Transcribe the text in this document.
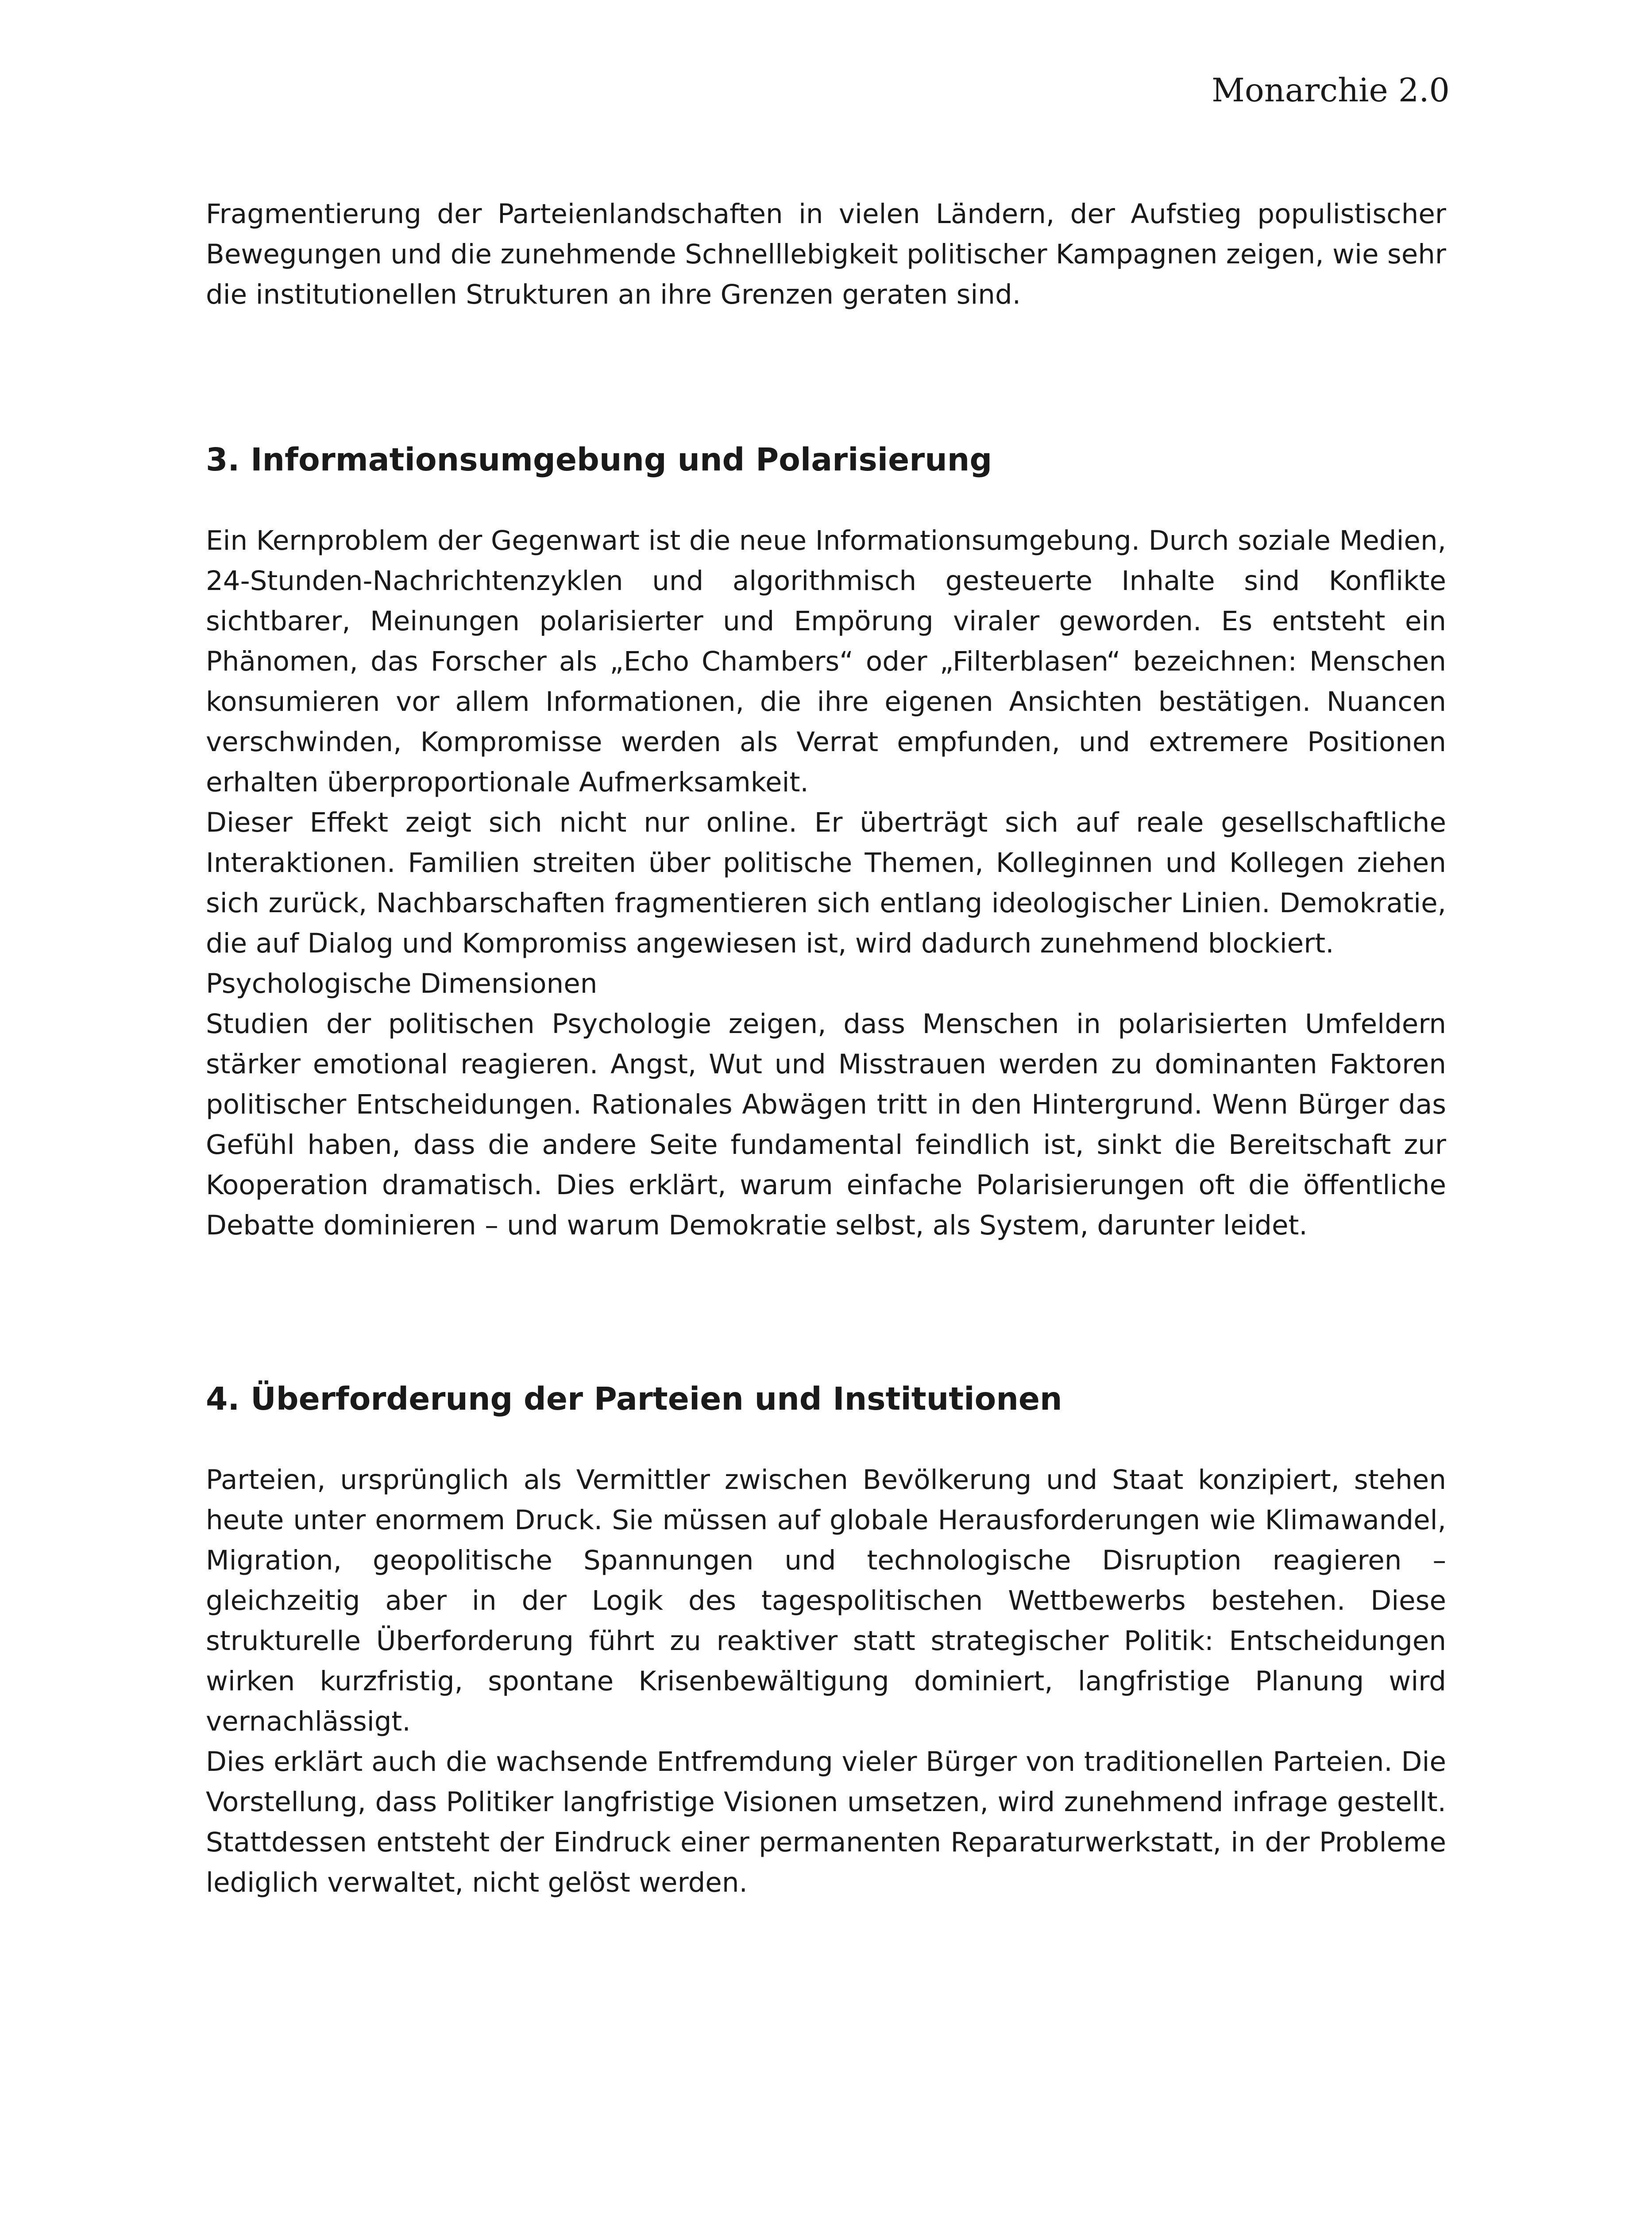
Monarchie 2.0

Fragmentierung der Parteienlandschaften in vielen Ländern, der Aufstieg populistischer Bewegungen und die zunehmende Schnelllebigkeit politischer Kampagnen zeigen, wie sehr die institutionellen Strukturen an ihre Grenzen geraten sind.

3. Informationsumgebung und Polarisierung

Ein Kernproblem der Gegenwart ist die neue Informationsumgebung. Durch soziale Medien, 24-Stunden-Nachrichtenzyklen und algorithmisch gesteuerte Inhalte sind Konflikte sichtbarer, Meinungen polarisierter und Empörung viraler geworden. Es entsteht ein Phänomen, das Forscher als „Echo Chambers“ oder „Filterblasen“ bezeichnen: Menschen konsumieren vor allem Informationen, die ihre eigenen Ansichten bestätigen. Nuancen verschwinden, Kompromisse werden als Verrat empfunden, und extremere Positionen erhalten überproportionale Aufmerksamkeit.

Dieser Effekt zeigt sich nicht nur online. Er überträgt sich auf reale gesellschaftliche Interaktionen. Familien streiten über politische Themen, Kolleginnen und Kollegen ziehen sich zurück, Nachbarschaften fragmentieren sich entlang ideologischer Linien. Demokratie, die auf Dialog und Kompromiss angewiesen ist, wird dadurch zunehmend blockiert.

Psychologische Dimensionen

Studien der politischen Psychologie zeigen, dass Menschen in polarisierten Umfeldern stärker emotional reagieren. Angst, Wut und Misstrauen werden zu dominanten Faktoren politischer Entscheidungen. Rationales Abwägen tritt in den Hintergrund. Wenn Bürger das Gefühl haben, dass die andere Seite fundamental feindlich ist, sinkt die Bereitschaft zur Kooperation dramatisch. Dies erklärt, warum einfache Polarisierungen oft die öffentliche Debatte dominieren – und warum Demokratie selbst, als System, darunter leidet.

4. Überforderung der Parteien und Institutionen

Parteien, ursprünglich als Vermittler zwischen Bevölkerung und Staat konzipiert, stehen heute unter enormem Druck. Sie müssen auf globale Herausforderungen wie Klimawandel, Migration, geopolitische Spannungen und technologische Disruption reagieren – gleichzeitig aber in der Logik des tagespolitischen Wettbewerbs bestehen. Diese strukturelle Überforderung führt zu reaktiver statt strategischer Politik: Entscheidungen wirken kurzfristig, spontane Krisenbewältigung dominiert, langfristige Planung wird vernachlässigt.

Dies erklärt auch die wachsende Entfremdung vieler Bürger von traditionellen Parteien. Die Vorstellung, dass Politiker langfristige Visionen umsetzen, wird zunehmend infrage gestellt. Stattdessen entsteht der Eindruck einer permanenten Reparaturwerkstatt, in der Probleme lediglich verwaltet, nicht gelöst werden.
